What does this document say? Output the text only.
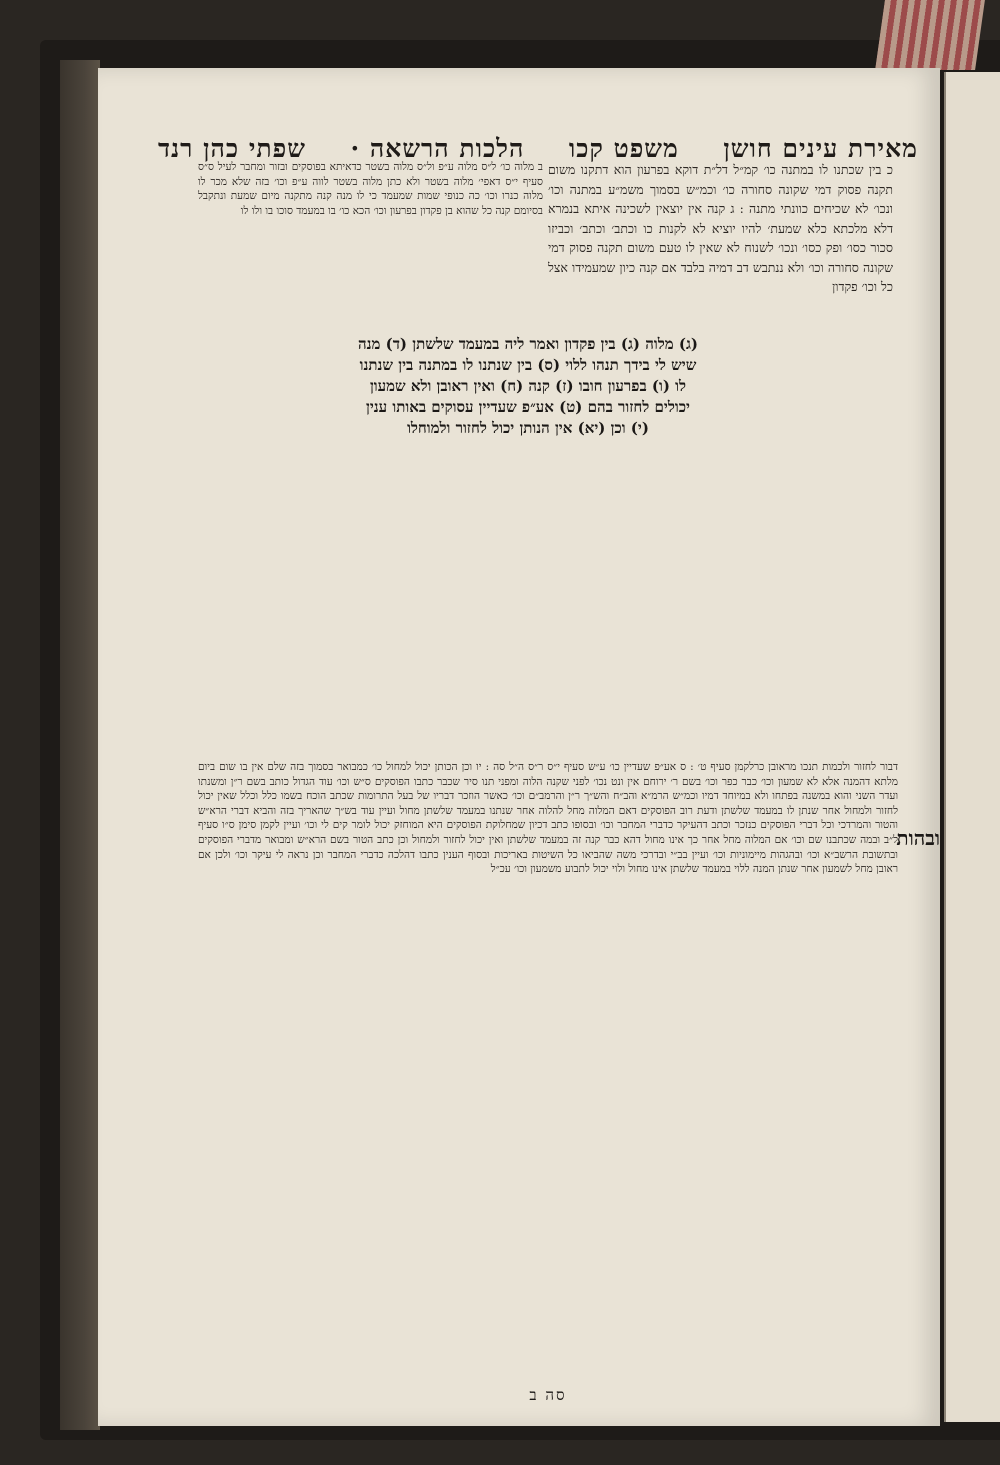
מאירת עינים חושן
משפט קכו
הלכות הרשאה ·
שפתי כהן רנד
כ בין שכתנו לו במתנה כו׳ קמ״ל דל״ת דוקא בפרעון הוא דתקנו משום תקנה פסוק דמי שקונה סחורה כו׳ וכמ״ש בסמוך משמ״ע במתנה וכו׳ ונכו׳ לא שכיחים כוונתי מתנה : ג קנה אין יוצאין לשכינה איתא בנמרא דלא מלכתא כלא שמעת׳ להיו יוציא לא לקנות כו וכתב׳ וכתב׳ וכביזו סכור כסו׳ ופק כסו׳ ונכו׳ לשנוח לא שאין לו טעם משום תקנה פסוק דמי שקונה סחורה וכו׳ ולא ננתבש דב דמיה בלבד אם קנה כיון שמעמידו אצל כל וכו׳ פקדון
ב מלוה כו׳ ל״ס מלוה ע״פ ול״ס מלוה בשטר כדאיתא בפוסקים ובזור ומחבר לעיל ס״ס סעיף י״ס דאפי׳ מלוה בשטר ולא כתן מלוה בשטר לווה ע״פ וכו׳ בזה שלא מכר לו מלוה כנרו וכו׳ כה כנופי שמות שמעמד כי לו מנה קנה מתקנה מיום שמעת ונתקבל בסיומם קנה כל שהוא בן פקדון בפרעון וכו׳ הכא כו׳ בו במעמד סוכו בו ולו לו
(ג) מלוה (ג) בין פקדון ואמר ליה במעמד שלשתן (ד) מנה שיש לי בידך תנהו ללוי (ס) בין שנתנו לו במתנה בין שנתנו לו (ו) בפרעון חובו (ז) קנה (ח) ואין ראובן ולא שמעון יכולים לחזור בהם (ט) אע״פ שעדיין עסוקים באותו ענין (י) וכן (יא) אין הנותן יכול לחזור ולמוחלו
ובהות
דבור לחזור ולכמות תנכו מראובן כרלקמן סעיף ט׳ : ס אע״פ שעדיין כו׳ ע״ש סעיף י״ס ר״ס ה״ל סה : יו וכן הכותן יכול למחול כו׳ כמבואר בסמוך בזה שלם אין בו שום ביום מלתא דהמנה אלא לא שמעון וכו׳ כבר כפר וכו׳ בשם ר׳ ירוחם אין ונט נכו׳ לפני שקנה הלוה ומפני תנו סיר שכבר כתבו הפוסקים ס״ש וכו׳ עוד הגדול כותב בשם ר״ן ומשנתו ועדר השני והוא במשנה בפתחו ולא במיוחד דמיו וכמ״ש הרמ״א והב״ח והש״ך ר״ן והרמב״ם וכו׳ כאשר הוזכר דבריו של בעל התרומות שכתב הוכח בשמו כלל וכלל שאין יכול לחזור ולמחול אחר שנתן לו במעמד שלשתן ודעת רוב הפוסקים דאם המלוה מחל להלוה אחר שנתנו במעמד שלשתן מחול ועיין עוד בש״ך שהאריך בזה והביא דברי הרא״ש והטור והמרדכי וכל דברי הפוסקים כנזכר וכתב דהעיקר כדברי המחבר וכו׳ ובסופו כתב דכיון שמחלוקת הפוסקים היא המוחזק יכול לומר קים לי וכו׳ ועיין לקמן סימן ס״ו סעיף ל״ב ובמה שכתבנו שם וכו׳ אם המלוה מחל אחר כך אינו מחול דהא כבר קנה זה במעמד שלשתן ואין יכול לחזור ולמחול וכן כתב הטור בשם הרא״ש ומבואר מדברי הפוסקים ובתשובת הרשב״א וכו׳ ובהגהות מיימוניות וכו׳ ועיין בב״י ובדרכי משה שהביאו כל השיטות באריכות ובסוף הענין כתבו דהלכה כדברי המחבר וכן נראה לי עיקר וכו׳ ולכן אם ראובן מחל לשמעון אחר שנתן המנה ללוי במעמד שלשתן אינו מחול ולוי יכול לתבוע משמעון וכו׳ עכ״ל
סה ב
